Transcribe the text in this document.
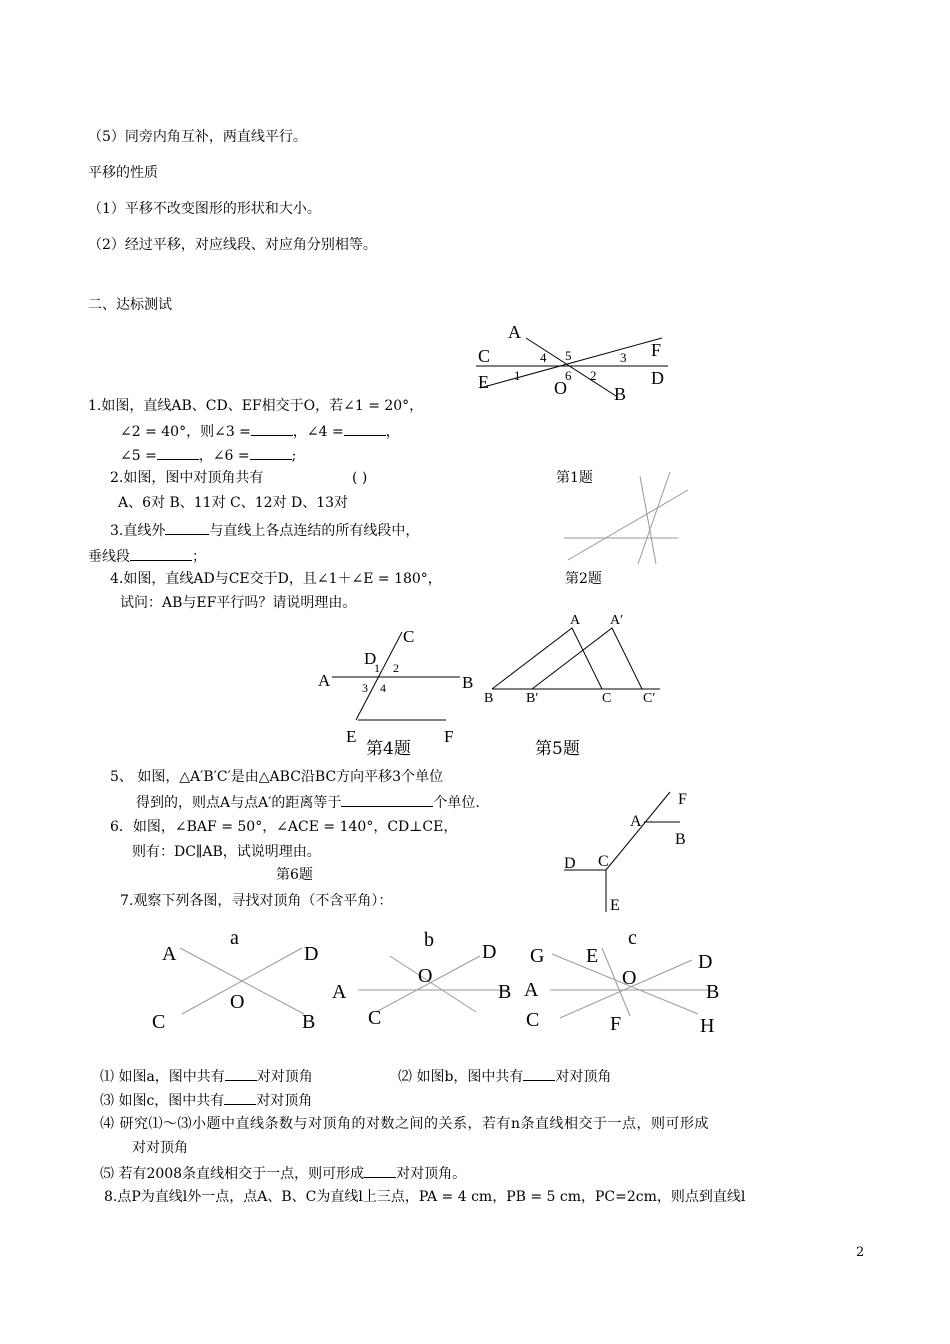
（5）同旁内角互补，两直线平行。
平移的性质
（1）平移不改变图形的形状和大小。
（2）经过平移，对应线段、对应角分别相等。
二、达标测试
A
C
E
F
D
O	B
1	2
3
4 5
6
1.如图，直线AB、CD、EF相交于O，若∠1 = 20°，
∠2 = 40°，则∠3 =	，∠4 =	，
∠5 =	，∠6 =	;
2.如图，图中对顶角共有	( )	第1题
A、6对 B、11对 C、12对 D、13对
3.直线外	与直线上各点连结的所有线段中，
垂线段	；
4.如图，直线AD与CE交于D，且∠1＋∠E = 180°，	第2题
试问：AB与EF平行吗？请说明理由。
A	B
C
D
E	F
1 2
3 4
第4题
A A′
B B′	C C′
第5题
5、 如图，△A′B′C′是由△ABC沿BC方向平移3个单位
得到的，则点A与点A′的距离等于	个单位.
6．如图，∠BAF = 50°，∠ACE = 140°，CD⊥CE，
则有：DC∥AB，试说明理由。
第6题
F
A
B
C
D
E
7.观察下列各图，寻找对顶角（不含平角）：
a
A	D
C	B
O
b
D
A
O
B
C
c
G E	D
A
O
B
C	F	H
⑴ 如图a，图中共有 对对顶角	⑵ 如图b，图中共有 对对顶角
⑶ 如图c，图中共有 对对顶角
⑷ 研究⑴～⑶小题中直线条数与对顶角的对数之间的关系，若有n条直线相交于一点，则可形成
对对顶角
⑸ 若有2008条直线相交于一点，则可形成 对对顶角。
8.点P为直线l外一点，点A、B、C为直线l上三点，PA = 4 cm，PB = 5 cm，PC=2cm，则点到直线l
2
